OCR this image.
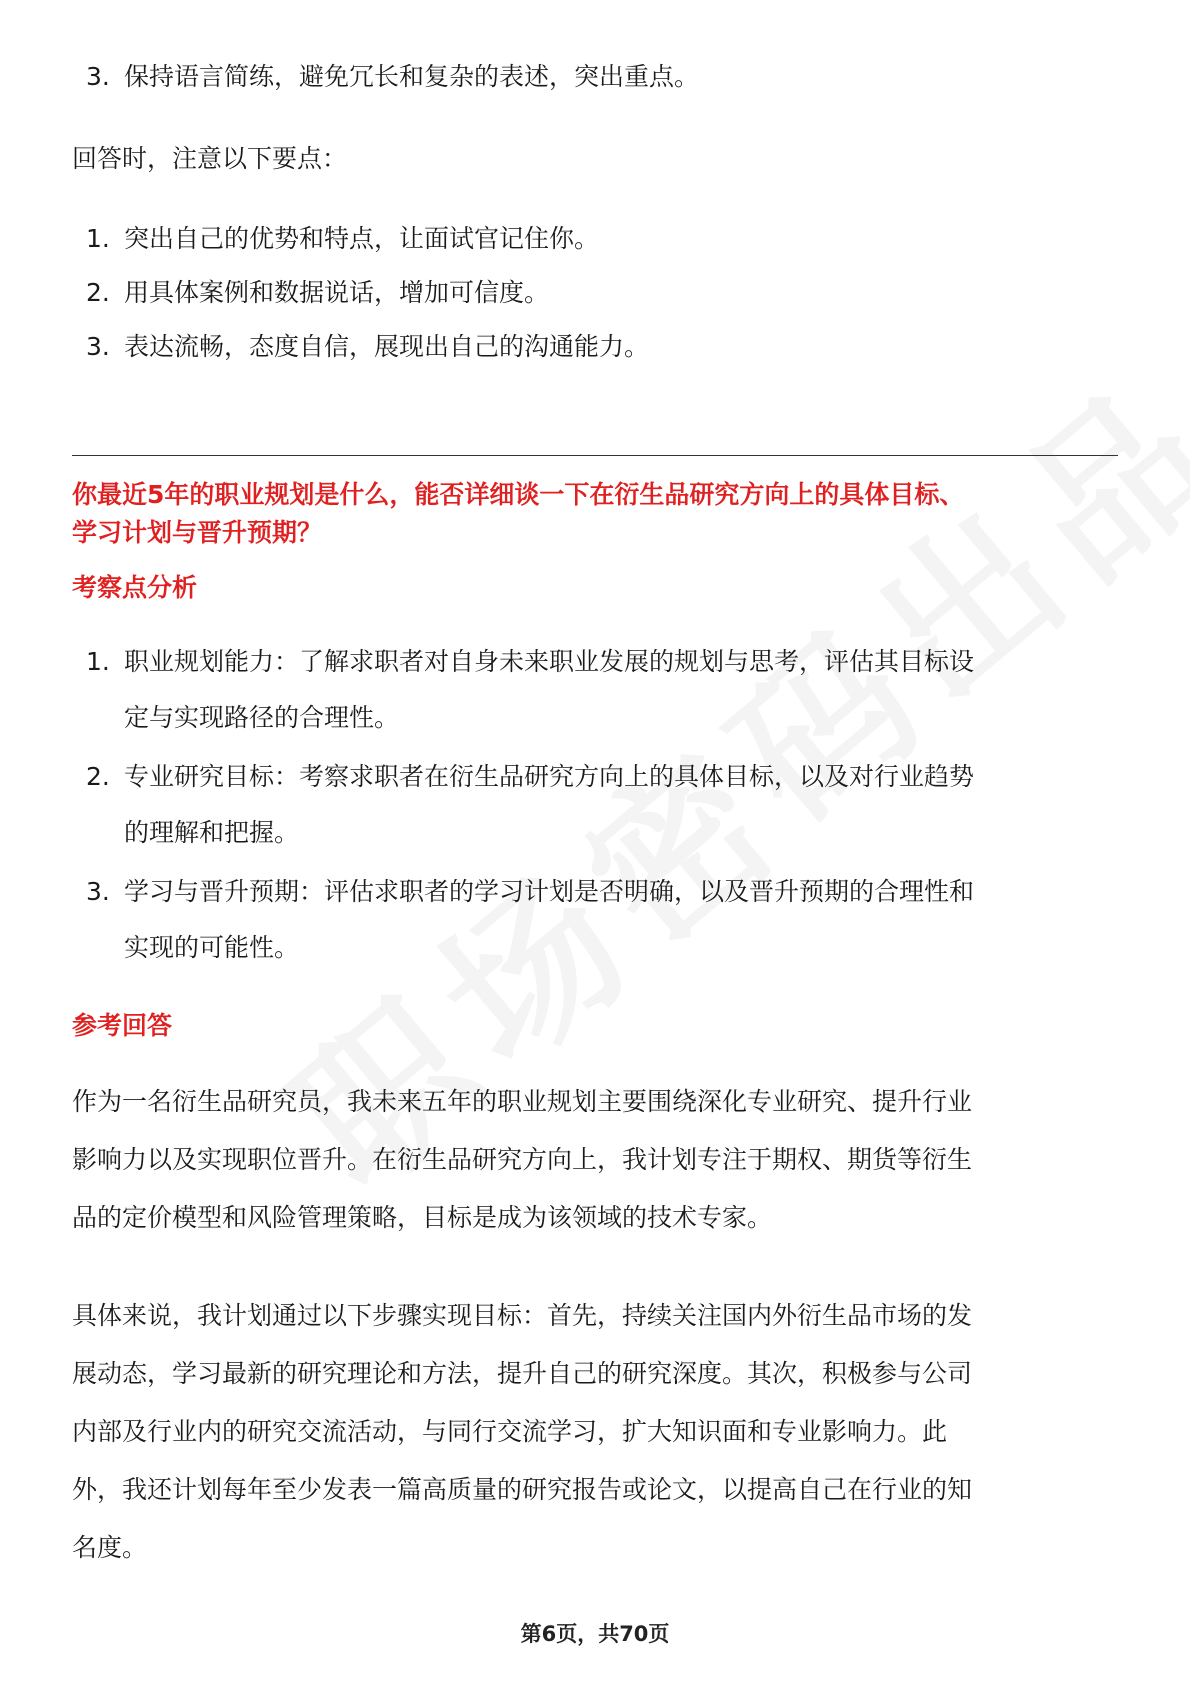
3. 保持语言简练，避免冗长和复杂的表述，突出重点。
回答时，注意以下要点：
1. 突出自己的优势和特点，让面试官记住你。
2. 用具体案例和数据说话，增加可信度。
3. 表达流畅，态度自信，展现出自己的沟通能力。
你最近5年的职业规划是什么，能否详细谈一下在衍生品研究方向上的具体目标、
学习计划与晋升预期？
考察点分析
1. 职业规划能力：了解求职者对自身未来职业发展的规划与思考，评估其目标设
定与实现路径的合理性。
2. 专业研究目标：考察求职者在衍生品研究方向上的具体目标，以及对行业趋势
的理解和把握。
3. 学习与晋升预期：评估求职者的学习计划是否明确，以及晋升预期的合理性和
实现的可能性。
参考回答
作为一名衍生品研究员，我未来五年的职业规划主要围绕深化专业研究、提升行业
影响力以及实现职位晋升。在衍生品研究方向上，我计划专注于期权、期货等衍生
品的定价模型和风险管理策略，目标是成为该领域的技术专家。
具体来说，我计划通过以下步骤实现目标：首先，持续关注国内外衍生品市场的发
展动态，学习最新的研究理论和方法，提升自己的研究深度。其次，积极参与公司
内部及行业内的研究交流活动，与同行交流学习，扩大知识面和专业影响力。此
外，我还计划每年至少发表一篇高质量的研究报告或论文，以提高自己在行业的知
名度。
第6页，共70页
